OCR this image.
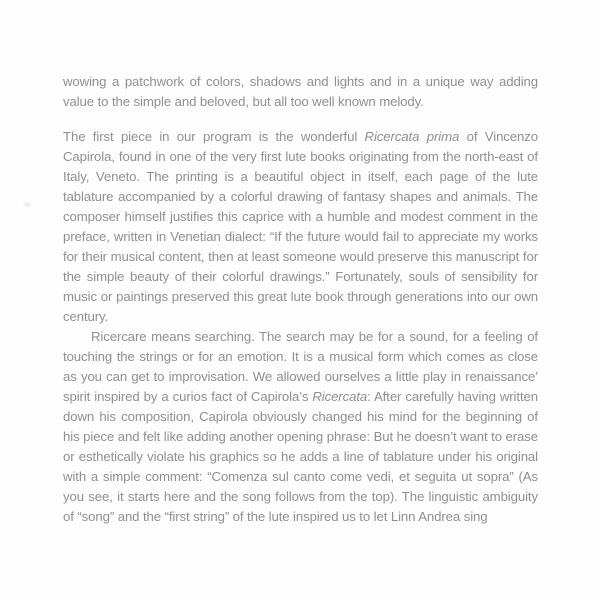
wowing a patchwork of colors, shadows and lights and in a unique way adding value to the simple and beloved, but all too well known melody.

The first piece in our program is the wonderful Ricercata prima of Vincenzo Capirola, found in one of the very first lute books originating from the north-east of Italy, Veneto. The printing is a beautiful object in itself, each page of the lute tablature accompanied by a colorful drawing of fantasy shapes and animals. The composer himself justifies this caprice with a humble and modest comment in the preface, written in Venetian dialect: “If the future would fail to appreciate my works for their musical content, then at least someone would preserve this manuscript for the simple beauty of their colorful drawings.” Fortunately, souls of sensibility for music or paintings preserved this great lute book through generations into our own century.

Ricercare means searching. The search may be for a sound, for a feeling of touching the strings or for an emotion. It is a musical form which comes as close as you can get to improvisation. We allowed ourselves a little play in renaissance’ spirit inspired by a curios fact of Capirola’s Ricercata: After carefully having written down his composition, Capirola obviously changed his mind for the beginning of his piece and felt like adding another opening phrase: But he doesn’t want to erase or esthetically violate his graphics so he adds a line of tablature under his original with a simple comment: “Comenza sul canto come vedi, et seguita ut sopra” (As you see, it starts here and the song follows from the top). The linguistic ambiguity of “song” and the “first string” of the lute inspired us to let Linn Andrea sing
